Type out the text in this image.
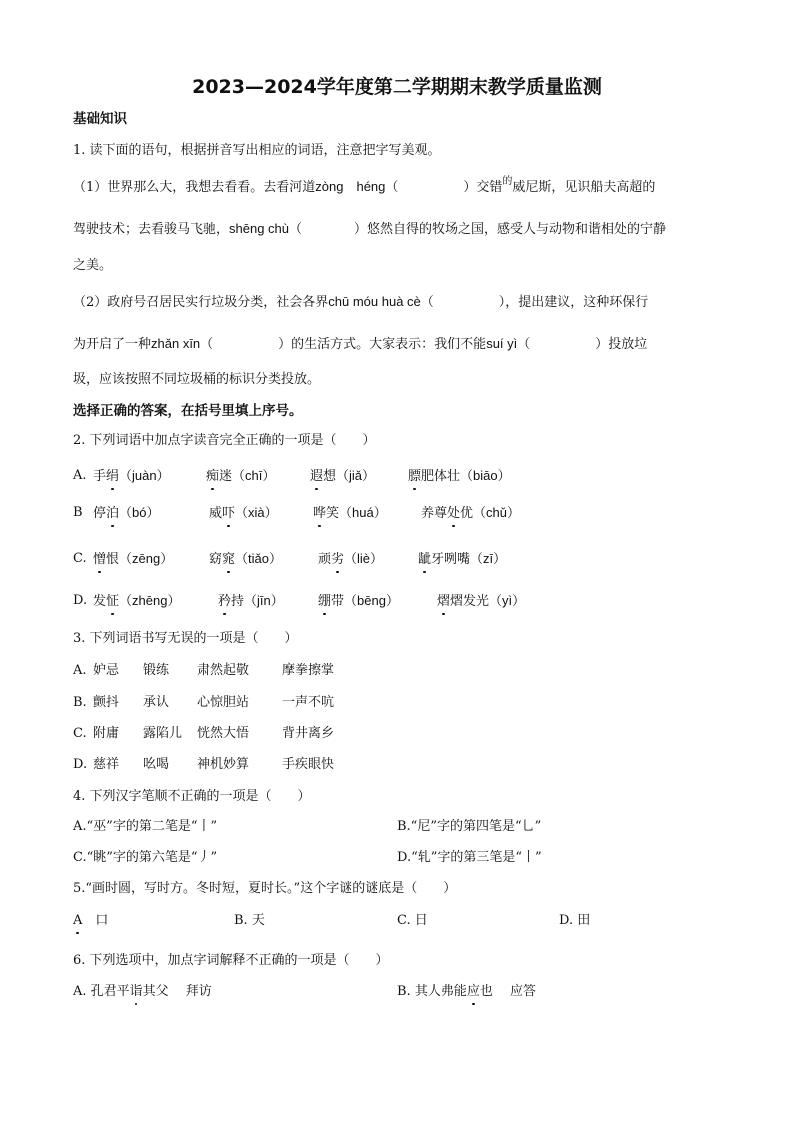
2023—2024学年度第二学期期末教学质量监测
基础知识
1. 读下面的语句，根据拼音写出相应的词语，注意把字写美观。
（1）世界那么大，我想去看看。去看河道zòng　héng（　　　　　）交错$^的$威尼斯，见识船夫高超的
驾驶技术；去看骏马飞驰，shēng chù（　　　　）悠然自得的牧场之国，感受人与动物和谐相处的宁静
之美。
（2）政府号召居民实行垃圾分类，社会各界chū móu huà cè（　　　　　），提出建议，这种环保行
为开启了一种zhǎn xīn（　　　　　）的生活方式。大家表示：我们不能suí yì（　　　　　）投放垃
圾，应该按照不同垃圾桶的标识分类投放。
选择正确的答案，在括号里填上序号。
2. 下列词语中加点字读音完全正确的一项是（　　）
A. 手绢（juàn）	痴迷（chī）	遐想（jiǎ）	膘肥体壮（biāo）
B 停泊（bó）	威吓（xià）	哗笑（huá）	养尊处优（chǔ）
C. 憎恨（zēng）	窈窕（tiǎo）	顽劣（liè）	龇牙咧嘴（zī）
D. 发怔（zhēng）	矜持（jīn）	绷带（bēng）	熠熠发光（yì）
3. 下列词语书写无误的一项是（　　）
A. 妒忌 锻练 肃然起敬	摩拳擦掌
B. 颤抖 承认 心惊胆站	一声不吭
C. 附庸 露陷儿 恍然大悟	背井离乡
D. 慈祥 吆喝 神机妙算	手疾眼快
4. 下列汉字笔顺不正确的一项是（　　）
A.“巫”字的第二笔是“丨”	B.“尼”字的第四笔是“乚”
C.“眺”字的第六笔是“丿”	D.“轧”字的第三笔是“丨”
5.“画时圆，写时方。冬时短，夏时长。”这个字谜的谜底是（　　）
A　 口	B. 天	C. 日	D. 田
6. 下列选项中，加点字词解释不正确的一项是（　　）
A. 孔君平诣其父　 拜访	B. 其人弗能应也　 应答
